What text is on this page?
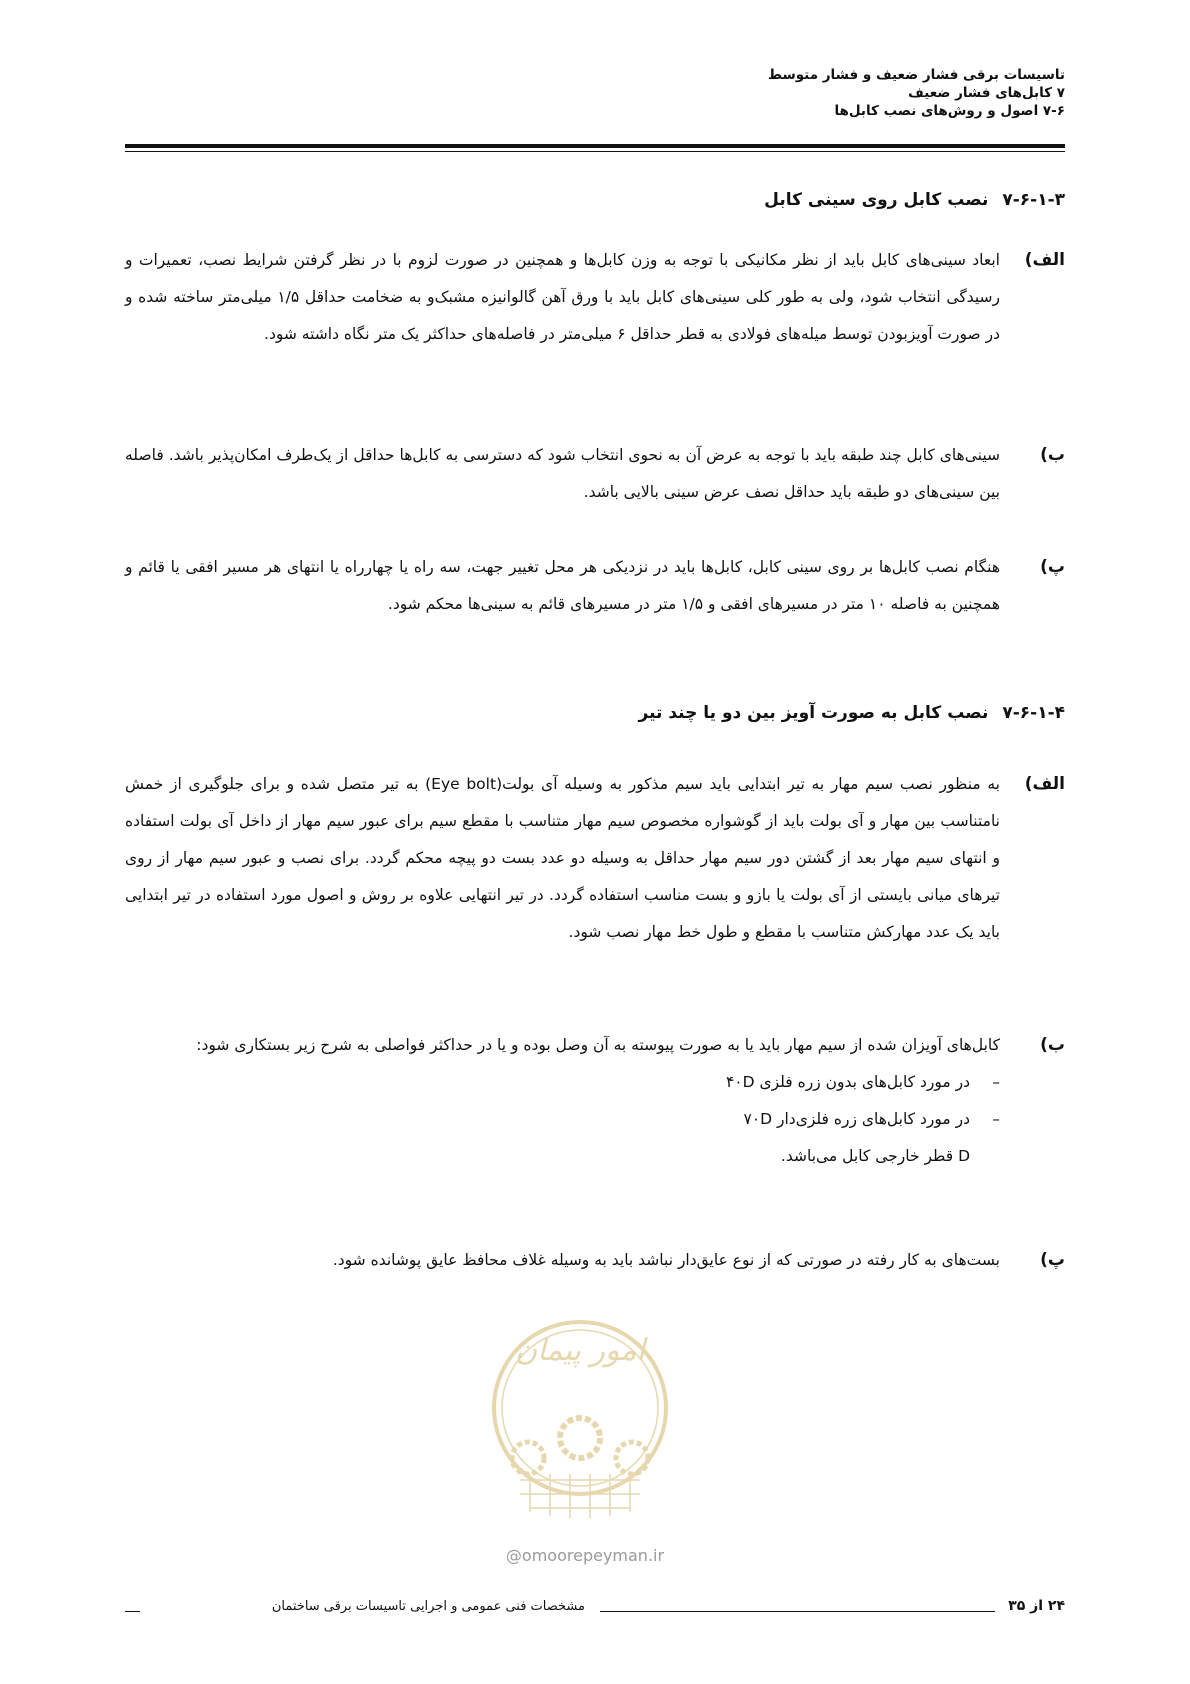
تاسیسات برقی فشار ضعیف و فشار متوسط
۷ کابل‌های فشار ضعیف
۷-۶ اصول و روش‌های نصب کابل‌ها
۷-۶-۱-۳نصب کابل روی سینی کابل
الف)
ابعاد سینی‌های کابل باید از نظر مکانیکی با توجه به وزن کابل‌ها و همچنین در صورت لزوم با در نظر گرفتن شرایط نصب، تعمیرات و رسیدگی انتخاب شود، ولی به طور کلی سینی‌های کابل باید با ورق آهن گالوانیزه مشبک‌و به ضخامت حداقل ۱/۵ میلی‌متر ساخته شده و در صورت آویزبودن توسط میله‌های فولادی به قطر حداقل ۶ میلی‌متر در فاصله‌های حداکثر یک متر نگاه داشته شود.
ب)
سینی‌های کابل چند طبقه باید با توجه به عرض آن به نحوی انتخاب شود که دسترسی به کابل‌ها حداقل از یک‌طرف امکان‌پذیر باشد. فاصله بین سینی‌های دو طبقه باید حداقل نصف عرض سینی بالایی باشد.
پ)
هنگام نصب کابل‌ها بر روی سینی کابل، کابل‌ها باید در نزدیکی هر محل تغییر جهت، سه راه یا چهارراه یا انتهای هر مسیر افقی یا قائم و همچنین به فاصله ۱۰ متر در مسیرهای افقی و ۱/۵ متر در مسیرهای قائم به سینی‌ها محکم شود.
۷-۶-۱-۴نصب کابل به صورت آویز بین دو یا چند تیر
الف)
به منظور نصب سیم مهار به تیر ابتدایی باید سیم مذکور به وسیله آی بولت(Eye bolt) به تیر متصل شده و برای جلوگیری از خمش نامتناسب بین مهار و آی بولت باید از گوشواره مخصوص سیم مهار متناسب با مقطع سیم برای عبور سیم مهار از داخل آی بولت استفاده و انتهای سیم مهار بعد از گشتن دور سیم مهار حداقل به وسیله دو عدد بست دو پیچه محکم گردد. برای نصب و عبور سیم مهار از روی تیرهای میانی بایستی از آی بولت یا بازو و بست مناسب استفاده گردد. در تیر انتهایی علاوه بر روش و اصول مورد استفاده در تیر ابتدایی باید یک عدد مهارکش متناسب با مقطع و طول خط مهار نصب شود.
ب)
کابل‌های آویزان شده از سیم مهار باید یا به صورت پیوسته به آن وصل بوده و یا در حداکثر فواصلی به شرح زیر بستکاری شود:
–
در مورد کابل‌های بدون زره فلزی ۴۰D
–
در مورد کابل‌های زره فلزی‌دار ۷۰D
D قطر خارجی کابل می‌باشد.
پ)
بست‌های به کار رفته در صورتی که از نوع عایق‌دار نباشد باید به وسیله غلاف محافظ عایق پوشانده شود.
امور پیمان
@omoorepeyman.ir
۲۴ از ۳۵
مشخصات فنی عمومی و اجرایی تاسیسات برقی ساختمان
